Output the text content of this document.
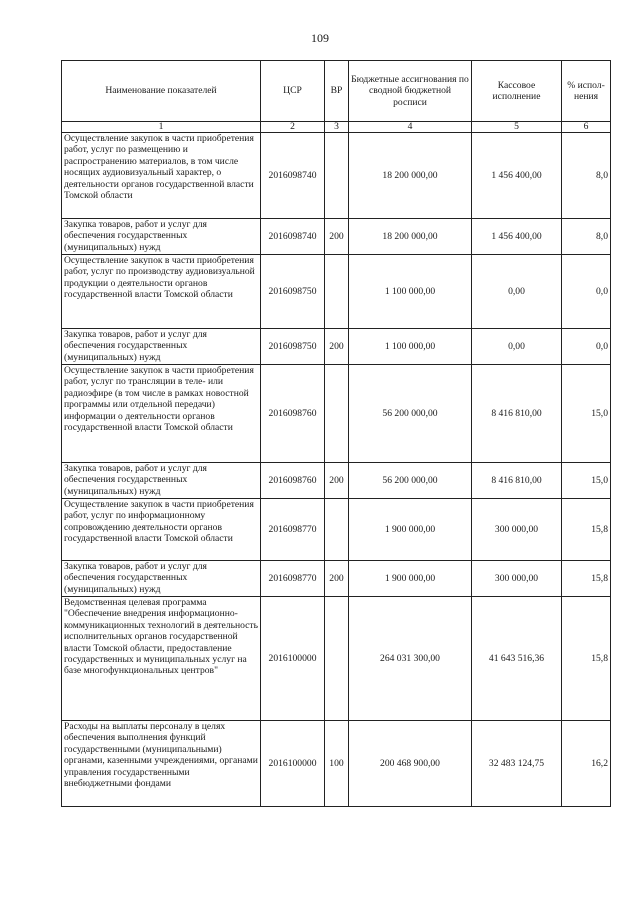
109
Наименование показателей	ЦСР	ВР	Бюджетные ассигнования по сводной бюджетной росписи	Кассовое исполнение	% испол-нения
1	2	3	4	5	6
Осуществление закупок в части приобретения работ, услуг по размещению и распространению материалов, в том числе носящих аудиовизуальный характер, о деятельности органов государственной власти Томской области	2016098740		18 200 000,00	1 456 400,00	8,0
Закупка товаров, работ и услуг для обеспечения государственных (муниципальных) нужд	2016098740	200	18 200 000,00	1 456 400,00	8,0
Осуществление закупок в части приобретения работ, услуг по производству аудиовизуальной продукции о деятельности органов государственной власти Томской области	2016098750		1 100 000,00	0,00	0,0
Закупка товаров, работ и услуг для обеспечения государственных (муниципальных) нужд	2016098750	200	1 100 000,00	0,00	0,0
Осуществление закупок в части приобретения работ, услуг по трансляции в теле- или радиоэфире (в том числе в рамках новостной программы или отдельной передачи) информации о деятельности органов государственной власти Томской области	2016098760		56 200 000,00	8 416 810,00	15,0
Закупка товаров, работ и услуг для обеспечения государственных (муниципальных) нужд	2016098760	200	56 200 000,00	8 416 810,00	15,0
Осуществление закупок в части приобретения работ, услуг по информационному сопровождению деятельности органов государственной власти Томской области	2016098770		1 900 000,00	300 000,00	15,8
Закупка товаров, работ и услуг для обеспечения государственных (муниципальных) нужд	2016098770	200	1 900 000,00	300 000,00	15,8
Ведомственная целевая программа "Обеспечение внедрения информационно-коммуникационных технологий в деятельность исполнительных органов государственной власти Томской области, предоставление государственных и муниципальных услуг на базе многофункциональных центров"	2016100000		264 031 300,00	41 643 516,36	15,8
Расходы на выплаты персоналу в целях обеспечения выполнения функций государственными (муниципальными) органами, казенными учреждениями, органами управления государственными внебюджетными фондами	2016100000	100	200 468 900,00	32 483 124,75	16,2
